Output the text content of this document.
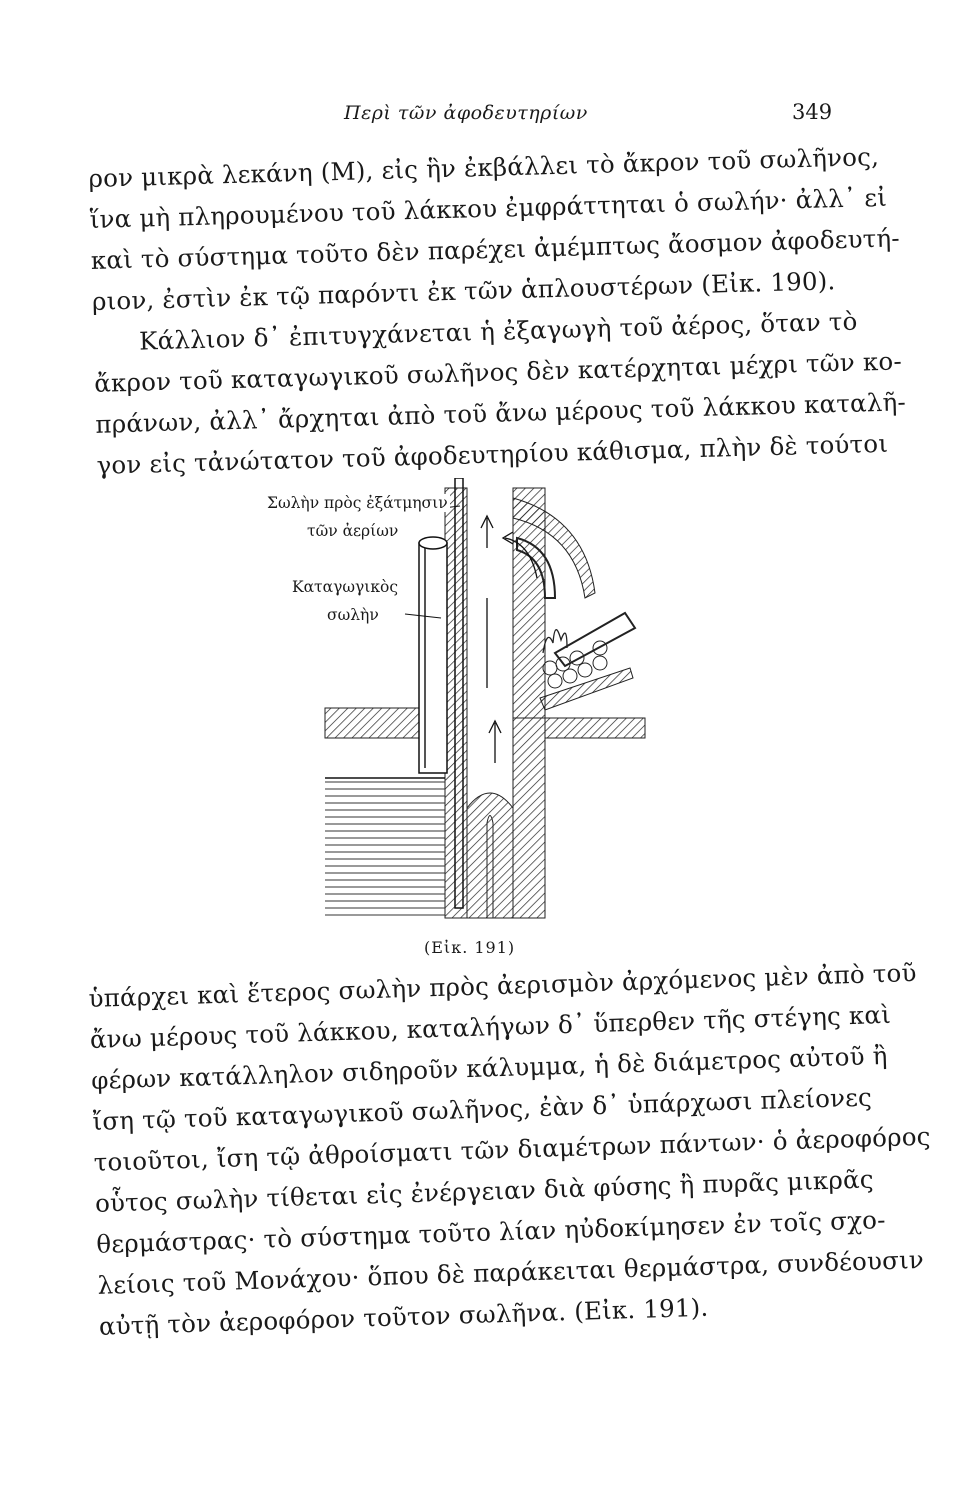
Περὶ τῶν ἀφοδευτηρίων	349
ρον μικρὰ λεκάνη (Μ), εἰς ἣν ἐκβάλλει τὸ ἄκρον τοῦ σωλῆνος,
ἵνα μὴ πληρουμένου τοῦ λάκκου ἐμφράττηται ὁ σωλήν· ἀλλ᾽ εἰ
καὶ τὸ σύστημα τοῦτο δὲν παρέχει ἀμέμπτως ἄοσμον ἀφοδευτή-
ριον, ἐστὶν ἐκ τῷ παρόντι ἐκ τῶν ἁπλουστέρων (Εἰκ. 190).
Κάλλιον δ᾽ ἐπιτυγχάνεται ἡ ἐξαγωγὴ τοῦ ἀέρος, ὅταν τὸ
ἄκρον τοῦ καταγωγικοῦ σωλῆνος δὲν κατέρχηται μέχρι τῶν κο-
πράνων, ἀλλ᾽ ἄρχηται ἀπὸ τοῦ ἄνω μέρους τοῦ λάκκου καταλῆ-
γον εἰς τἀνώτατον τοῦ ἀφοδευτηρίου κάθισμα, πλὴν δὲ τούτοι
Σωλὴν πρὸς ἐξάτμησιν
τῶν ἀερίων
Καταγωγικὸς
σωλὴν
(Εἰκ. 191)
ὑπάρχει καὶ ἕτερος σωλὴν πρὸς ἀερισμὸν ἀρχόμενος μὲν ἀπὸ τοῦ
ἄνω μέρους τοῦ λάκκου, καταλήγων δ᾽ ὕπερθεν τῆς στέγης καὶ
φέρων κατάλληλον σιδηροῦν κάλυμμα, ἡ δὲ διάμετρος αὐτοῦ ἢ
ἴση τῷ τοῦ καταγωγικοῦ σωλῆνος, ἐὰν δ᾽ ὑπάρχωσι πλείονες
τοιοῦτοι, ἴση τῷ ἀθροίσματι τῶν διαμέτρων πάντων· ὁ ἀεροφόρος
οὗτος σωλὴν τίθεται εἰς ἐνέργειαν διὰ φύσης ἢ πυρᾶς μικρᾶς
θερμάστρας· τὸ σύστημα τοῦτο λίαν ηὐδοκίμησεν ἐν τοῖς σχο-
λείοις τοῦ Μονάχου· ὅπου δὲ παράκειται θερμάστρα, συνδέουσιν
αὐτῇ τὸν ἀεροφόρον τοῦτον σωλῆνα. (Εἰκ. 191).
